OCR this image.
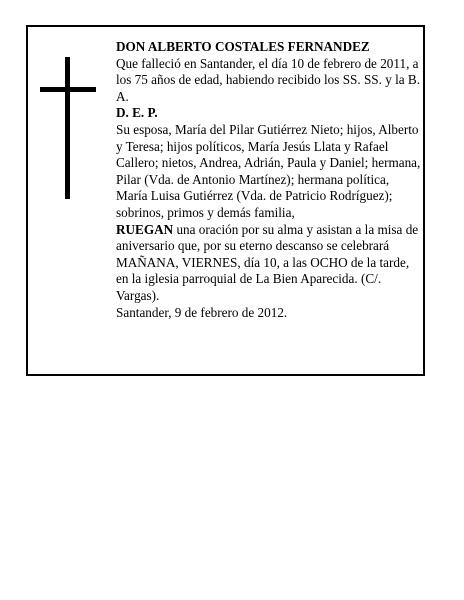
DON ALBERTO COSTALES FERNANDEZ

Que falleció en Santander, el día 10 de febrero de 2011, a los 75 años de edad, habiendo recibido los SS. SS. y la B. A.

D. E. P.

Su esposa, María del Pilar Gutiérrez Nieto; hijos, Alberto y Teresa; hijos políticos, María Jesús Llata y Rafael Callero; nietos, Andrea, Adrián, Paula y Daniel; hermana, Pilar (Vda. de Antonio Martínez); hermana política, María Luisa Gutiérrez (Vda. de Patricio Rodríguez); sobrinos, primos y demás familia,

RUEGAN una oración por su alma y asistan a la misa de aniversario que, por su eterno descanso se celebrará MAÑANA, VIERNES, día 10, a las OCHO de la tarde, en la iglesia parroquial de La Bien Aparecida. (C/. Vargas).

Santander, 9 de febrero de 2012.
